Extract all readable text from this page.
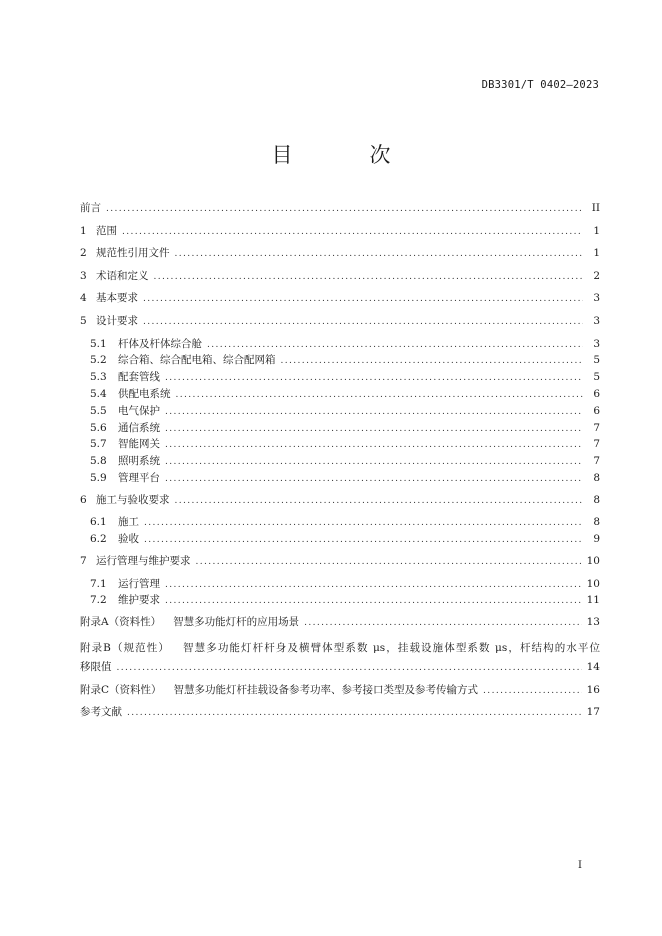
DB3301/T 0402—2023
目　次
前言 .....	II
1 范围 .....	1
2 规范性引用文件 .....	1
3 术语和定义 .....	2
4 基本要求 .....	3
5 设计要求 .....	3
5.1	杆体及杆体综合舱 .....	3
5.2	综合箱、综合配电箱、综合配网箱 .....	5
5.3	配套管线 .....	5
5.4	供配电系统 .....	6
5.5	电气保护 .....	6
5.6	通信系统 .....	7
5.7	智能网关 .....	7
5.8	照明系统 .....	7
5.9	管理平台 .....	8
6 施工与验收要求 .....	8
6.1	施工 .....	8
6.2	验收 .....	9
7 运行管理与维护要求 .....	10
7.1	运行管理 .....	10
7.2	维护要求 .....	11
附录A（资料性） 智慧多功能灯杆的应用场景 .....	13
附录B（规范性） 智慧多功能灯杆杆身及横臂体型系数 μs，挂载设施体型系数 μs，杆结构的水平位
移限值 .....	14
附录C（资料性） 智慧多功能灯杆挂载设备参考功率、参考接口类型及参考传输方式 .....	16
参考文献 .....	17
I
